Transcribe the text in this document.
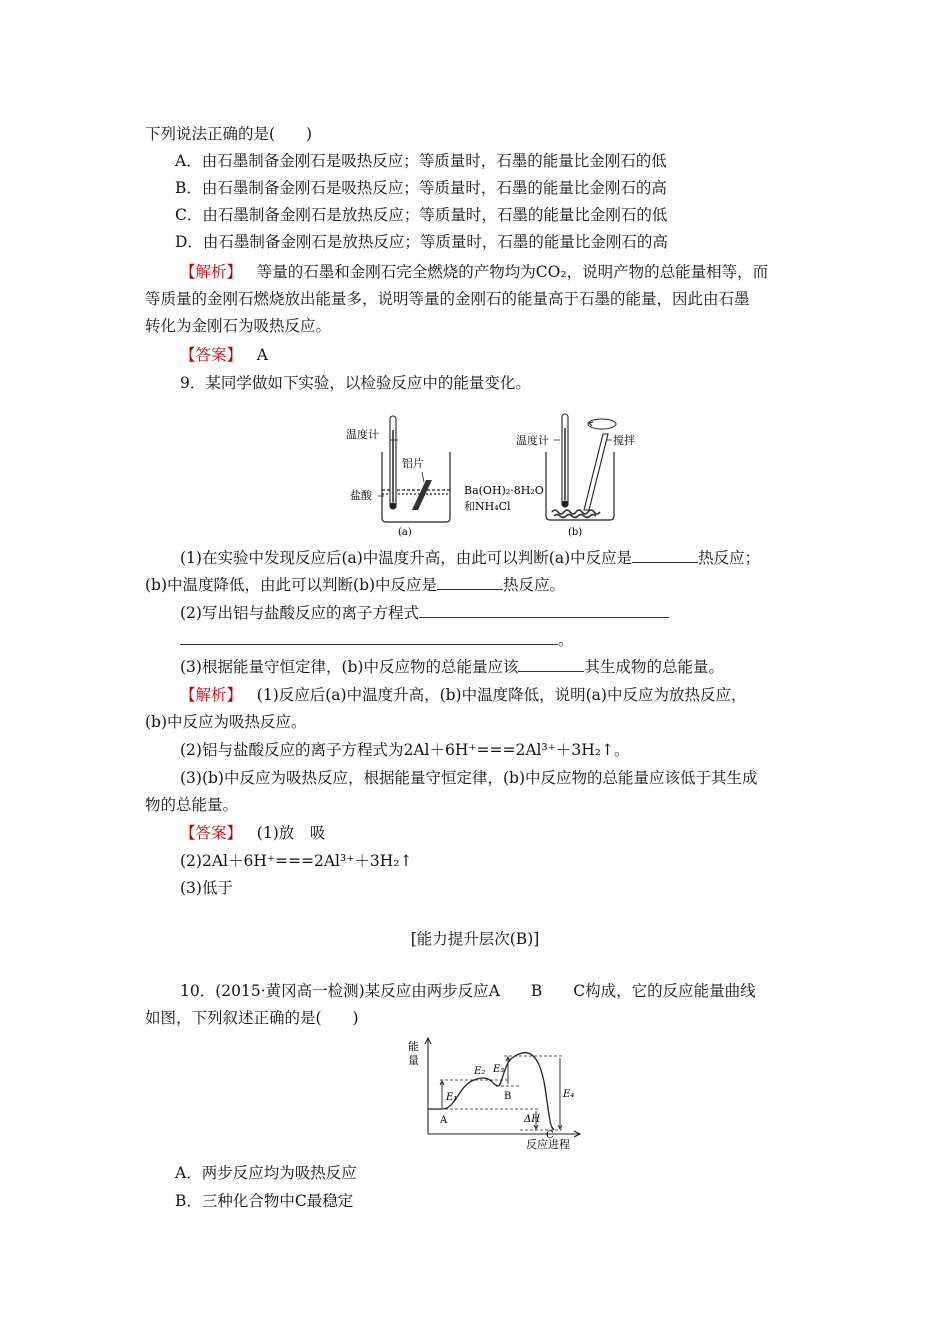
下列说法正确的是(　　)
A．由石墨制备金刚石是吸热反应；等质量时，石墨的能量比金刚石的低
B．由石墨制备金刚石是吸热反应；等质量时，石墨的能量比金刚石的高
C．由石墨制备金刚石是放热反应；等质量时，石墨的能量比金刚石的低
D．由石墨制备金刚石是放热反应；等质量时，石墨的能量比金刚石的高
【解析】 等量的石墨和金刚石完全燃烧的产物均为CO₂，说明产物的总能量相等，而
等质量的金刚石燃烧放出能量多，说明等量的金刚石的能量高于石墨的能量，因此由石墨
转化为金刚石为吸热反应。
【答案】 A
9．某同学做如下实验，以检验反应中的能量变化。
温度计
铝片
盐酸
(a)
温度计	搅拌
Ba(OH)₂·8H₂O
和NH₄Cl
(b)
(1)在实验中发现反应后(a)中温度升高，由此可以判断(a)中反应是	热反应；
(b)中温度降低，由此可以判断(b)中反应是	热反应。
(2)写出铝与盐酸反应的离子方程式
。
(3)根据能量守恒定律，(b)中反应物的总能量应该	其生成物的总能量。
【解析】 (1)反应后(a)中温度升高，(b)中温度降低，说明(a)中反应为放热反应，
(b)中反应为吸热反应。
(2)铝与盐酸反应的离子方程式为2Al＋6H⁺===2Al³⁺＋3H₂↑。
(3)(b)中反应为吸热反应，根据能量守恒定律，(b)中反应物的总能量应该低于其生成
物的总能量。
【答案】 (1)放　吸
(2)2Al＋6H⁺===2Al³⁺＋3H₂↑
(3)低于
[能力提升层次(B)]
10．(2015·黄冈高一检测)某反应由两步反应A　　B　　C构成，它的反应能量曲线
如图，下列叙述正确的是(　　)
能
量
反应进程
E₁
E₂ E₃
E₄
ΔH
A
B
C
A．两步反应均为吸热反应
B．三种化合物中C最稳定
